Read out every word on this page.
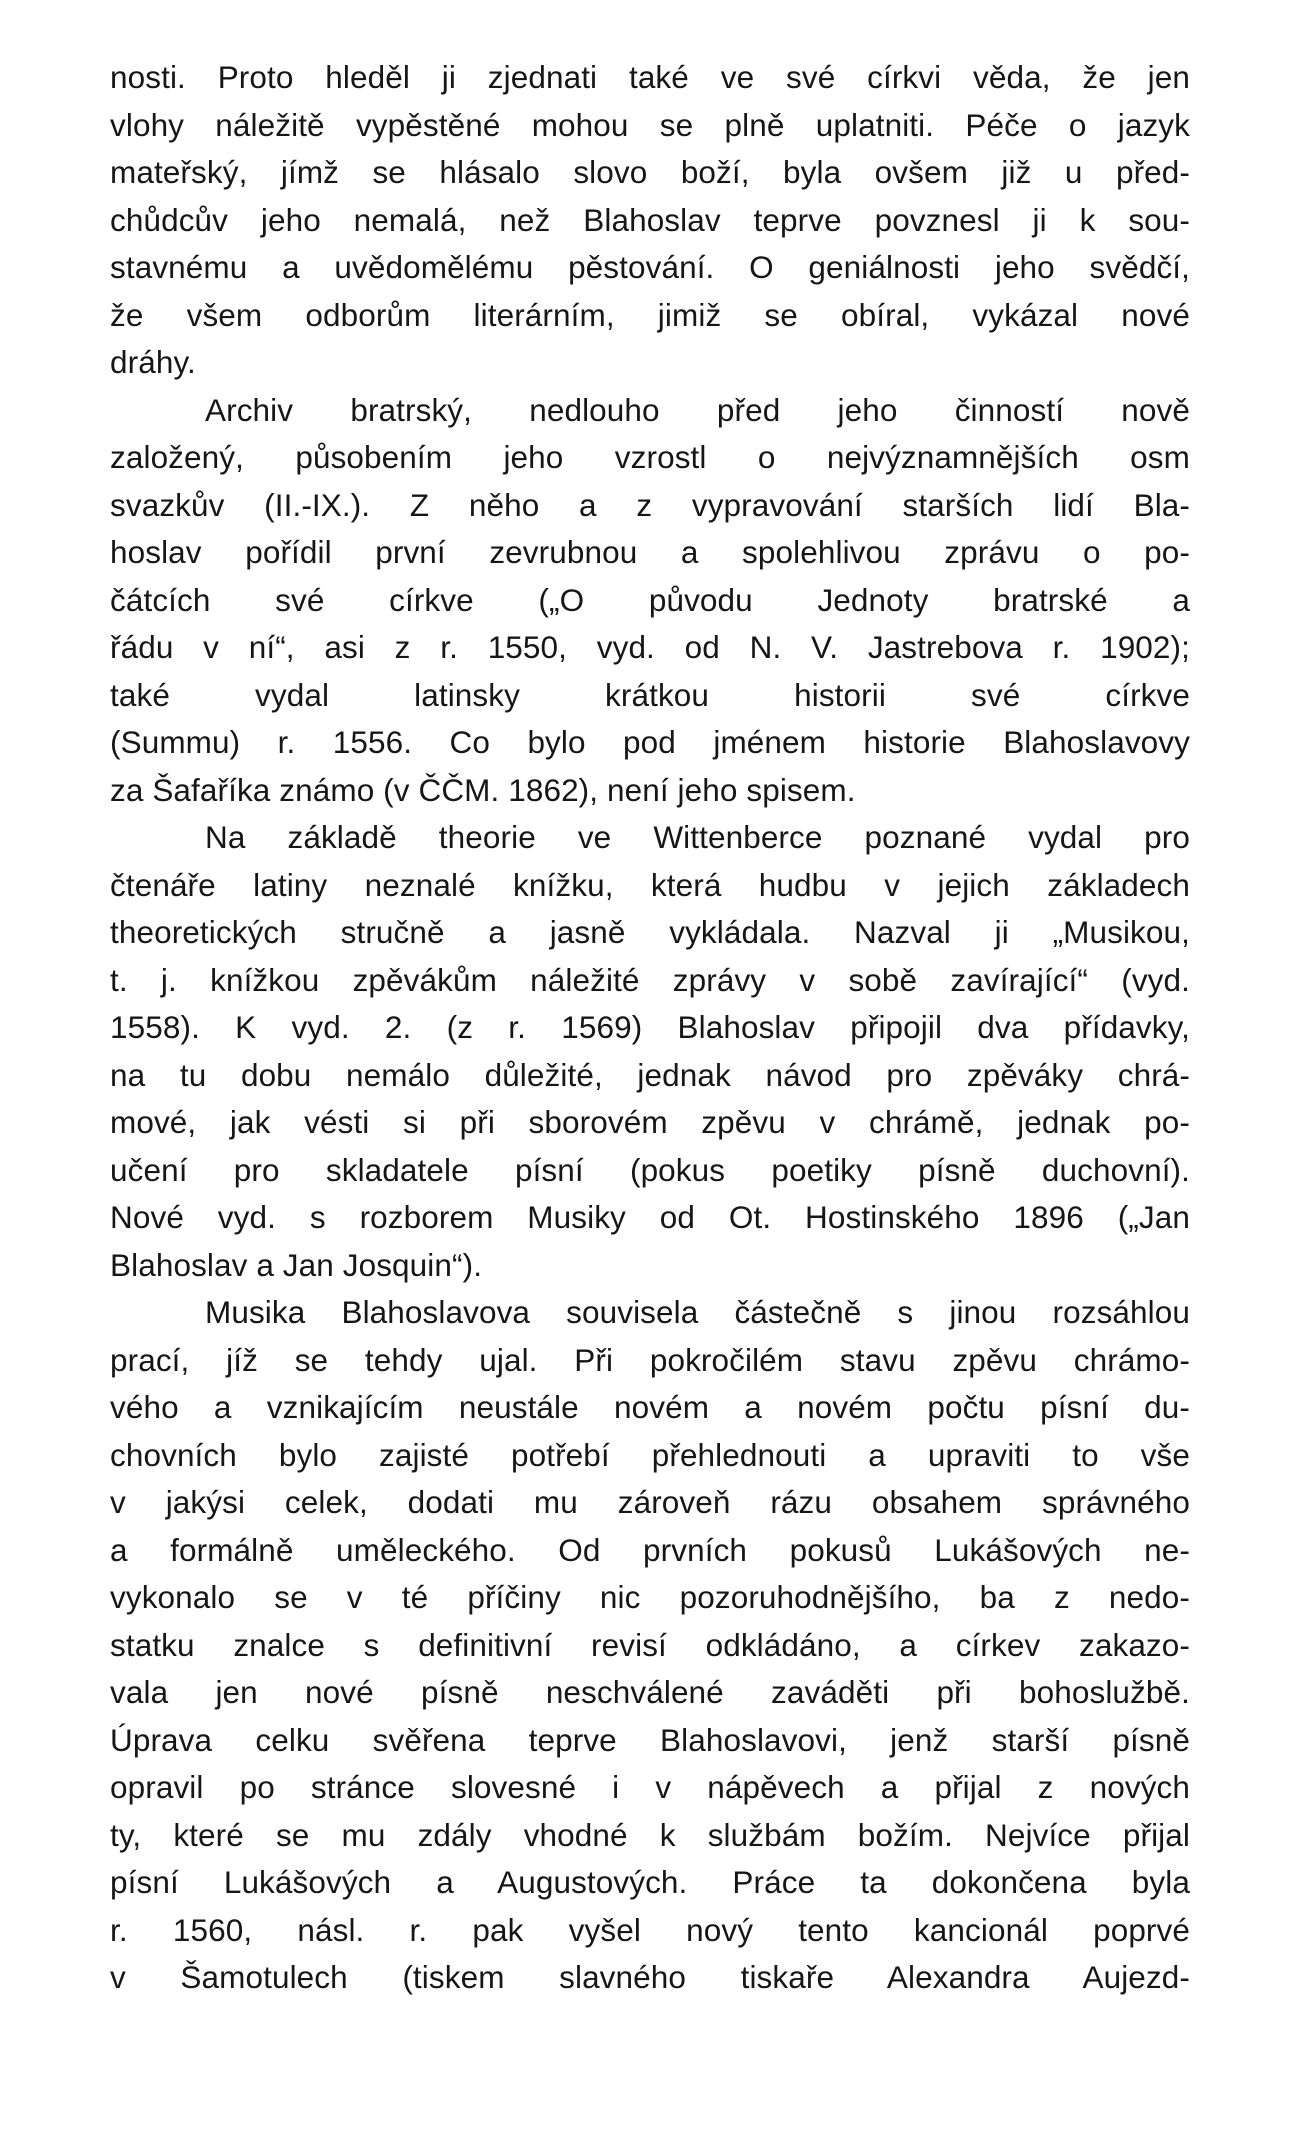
nosti. Proto hleděl ji zjednati také ve své církvi věda, že jen
vlohy náležitě vypěstěné mohou se plně uplatniti. Péče o jazyk
mateřský, jímž se hlásalo slovo boží, byla ovšem již u před-
chůdcův jeho nemalá, než Blahoslav teprve povznesl ji k sou-
stavnému a uvědomělému pěstování. O geniálnosti jeho svědčí,
že všem odborům literárním, jimiž se obíral, vykázal nové
dráhy.
Archiv bratrský, nedlouho před jeho činností nově
založený, působením jeho vzrostl o nejvýznamnějších osm
svazkův (II.-IX.). Z něho a z vypravování starších lidí Bla-
hoslav pořídil první zevrubnou a spolehlivou zprávu o po-
čátcích své církve („O původu Jednoty bratrské a
řádu v ní“, asi z r. 1550, vyd. od N. V. Jastrebova r. 1902);
také vydal latinsky krátkou historii své církve
(Summu) r. 1556. Co bylo pod jménem historie Blahoslavovy
za Šafaříka známo (v ČČM. 1862), není jeho spisem.
Na základě theorie ve Wittenberce poznané vydal pro
čtenáře latiny neznalé knížku, která hudbu v jejich základech
theoretických stručně a jasně vykládala. Nazval ji „Musikou,
t. j. knížkou zpěvákům náležité zprávy v sobě zavírající“ (vyd.
1558). K vyd. 2. (z r. 1569) Blahoslav připojil dva přídavky,
na tu dobu nemálo důležité, jednak návod pro zpěváky chrá-
mové, jak vésti si při sborovém zpěvu v chrámě, jednak po-
učení pro skladatele písní (pokus poetiky písně duchovní).
Nové vyd. s rozborem Musiky od Ot. Hostinského 1896 („Jan
Blahoslav a Jan Josquin“).
Musika Blahoslavova souvisela částečně s jinou rozsáhlou
prací, jíž se tehdy ujal. Při pokročilém stavu zpěvu chrámo-
vého a vznikajícím neustále novém a novém počtu písní du-
chovních bylo zajisté potřebí přehlednouti a upraviti to vše
v jakýsi celek, dodati mu zároveň rázu obsahem správného
a formálně uměleckého. Od prvních pokusů Lukášových ne-
vykonalo se v té příčiny nic pozoruhodnějšího, ba z nedo-
statku znalce s definitivní revisí odkládáno, a církev zakazo-
vala jen nové písně neschválené zaváděti při bohoslužbě.
Úprava celku svěřena teprve Blahoslavovi, jenž starší písně
opravil po stránce slovesné i v nápěvech a přijal z nových
ty, které se mu zdály vhodné k službám božím. Nejvíce přijal
písní Lukášových a Augustových. Práce ta dokončena byla
r. 1560, násl. r. pak vyšel nový tento kancionál poprvé
v Šamotulech (tiskem slavného tiskaře Alexandra Aujezd-
